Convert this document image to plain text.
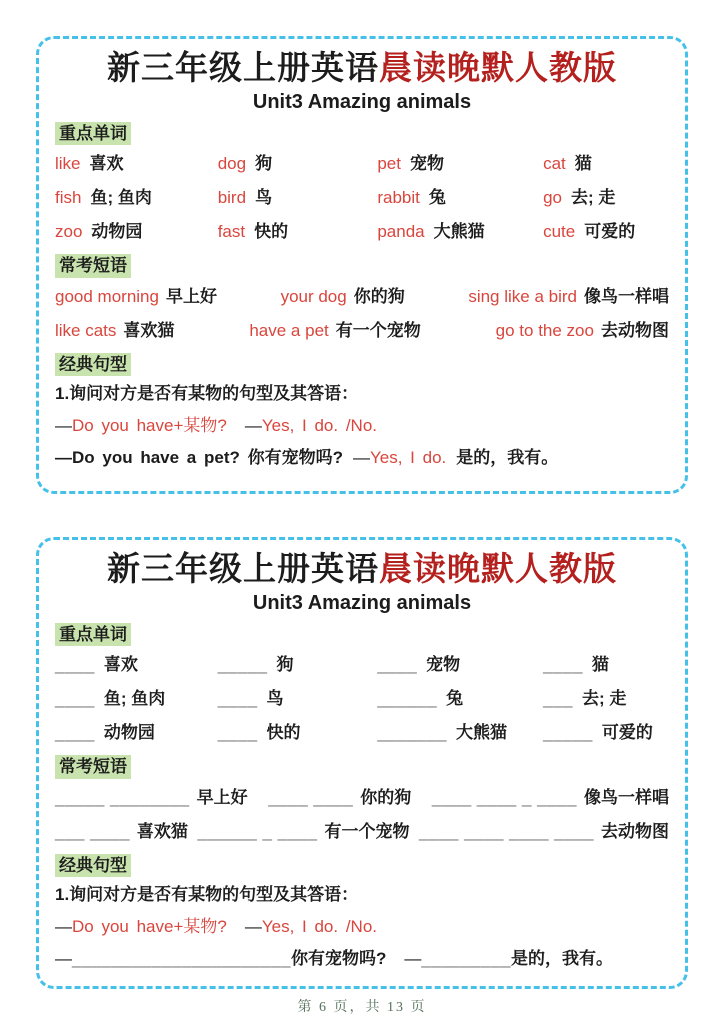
新三年级上册英语晨读晚默人教版
Unit3 Amazing animals
重点单词
like 喜欢	dog 狗	pet 宠物	cat 猫
fish 鱼; 鱼肉	bird 鸟	rabbit 兔	go 去; 走
zoo 动物园	fast 快的	panda 大熊猫	cute 可爱的
常考短语
good morning 早上好	your dog 你的狗	sing like a bird 像鸟一样唱
like cats 喜欢猫	have a pet 有一个宠物	go to the zoo 去动物图
经典句型
1.询问对方是否有某物的句型及其答语：
—Do you have+某物? —Yes, I do. /No.
—Do you have a pet? 你有宠物吗? —Yes, I do. 是的，我有。
新三年级上册英语晨读晚默人教版
Unit3 Amazing animals
重点单词
____ 喜欢	_____ 狗	____ 宠物	____ 猫
____ 鱼; 鱼肉	____ 鸟	______ 兔	___ 去; 走
____ 动物园	____ 快的	_______ 大熊猫	_____ 可爱的
常考短语
_____ ________ 早上好 ____ ____ 你的狗 ____ ____ _ ____ 像鸟一样唱
___ ____ 喜欢猫 ______ _ ____ 有一个宠物 ____ ____ ____ ____ 去动物图
经典句型
1.询问对方是否有某物的句型及其答语：
—Do you have+某物? —Yes, I do. /No.
—______________________你有宠物吗? —_________是的，我有。
第 6 页，共 13 页
